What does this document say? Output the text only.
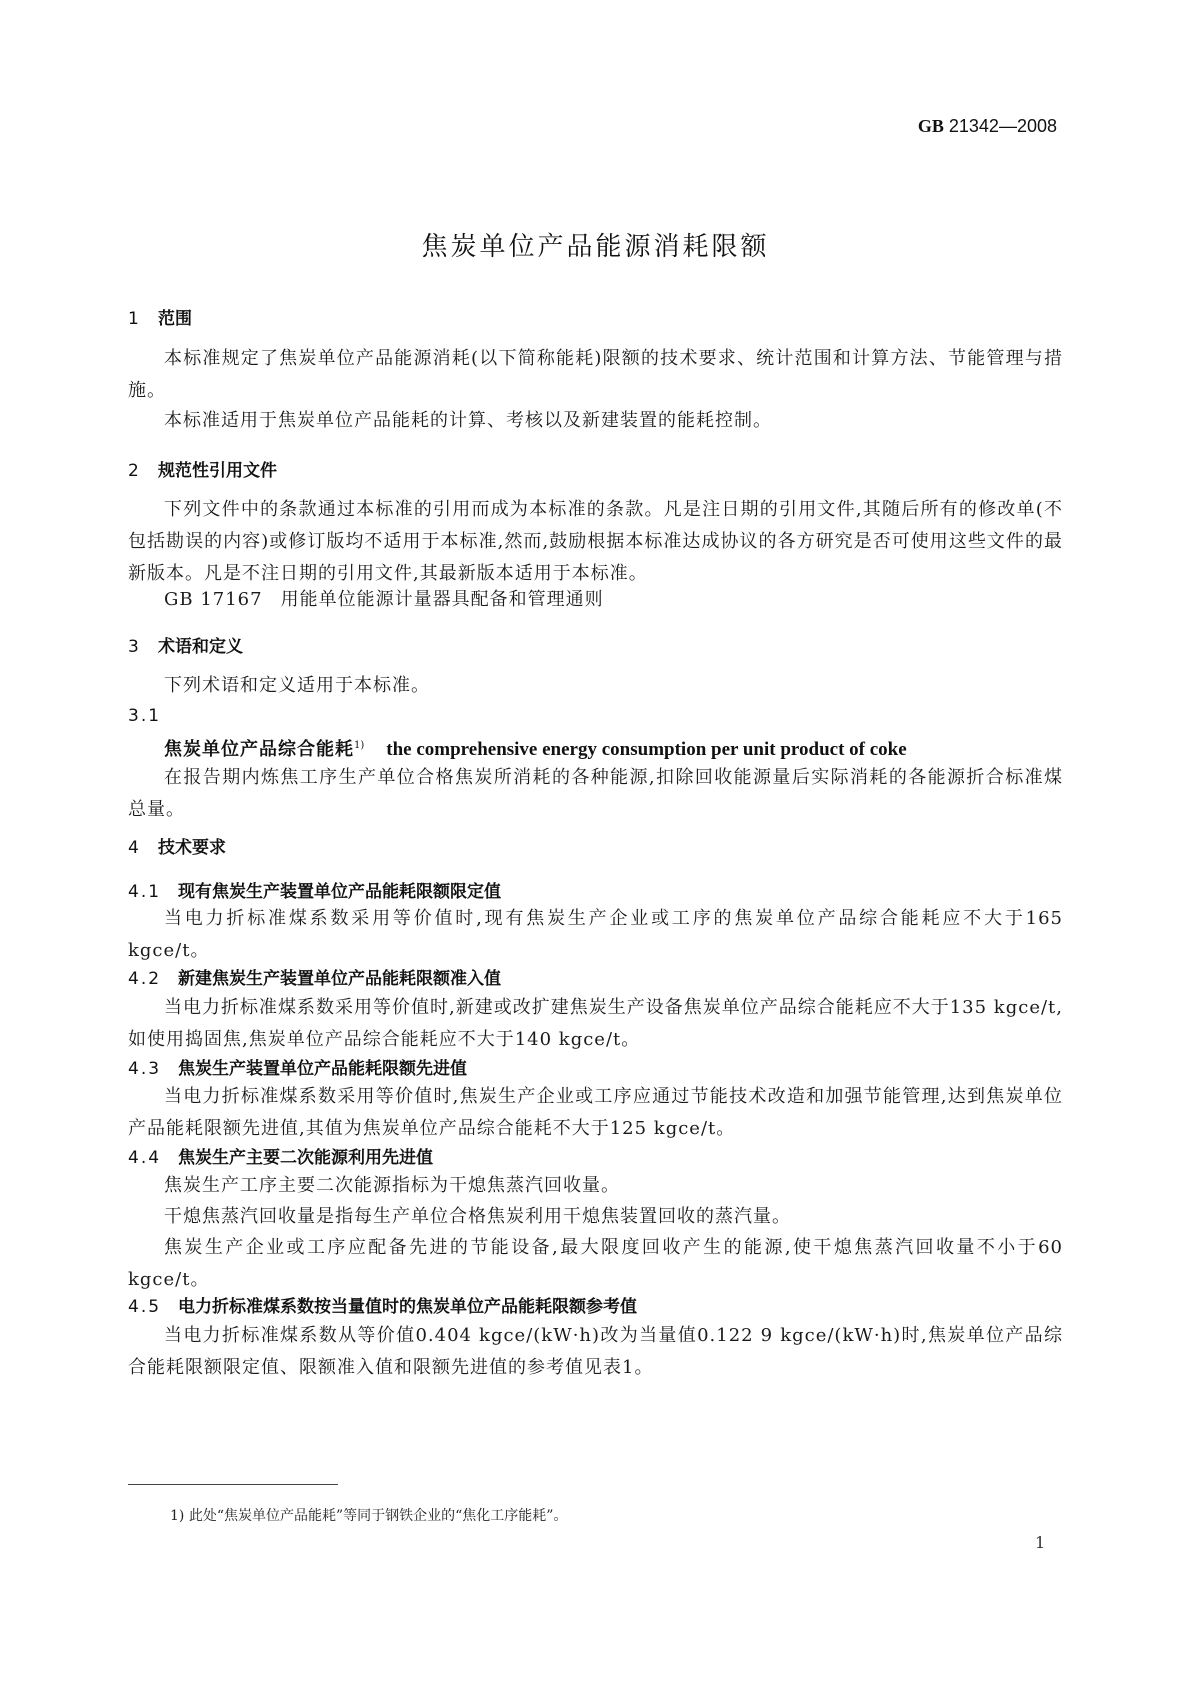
GB 21342—2008
焦炭单位产品能源消耗限额
1 范围
本标准规定了焦炭单位产品能源消耗(以下简称能耗)限额的技术要求、统计范围和计算方法、节能管理与措施。
本标准适用于焦炭单位产品能耗的计算、考核以及新建装置的能耗控制。
2 规范性引用文件
下列文件中的条款通过本标准的引用而成为本标准的条款。凡是注日期的引用文件,其随后所有的修改单(不包括勘误的内容)或修订版均不适用于本标准,然而,鼓励根据本标准达成协议的各方研究是否可使用这些文件的最新版本。凡是不注日期的引用文件,其最新版本适用于本标准。
GB 17167 用能单位能源计量器具配备和管理通则
3 术语和定义
下列术语和定义适用于本标准。
3.1
焦炭单位产品综合能耗$^{1)}$ the comprehensive energy consumption per unit product of coke
在报告期内炼焦工序生产单位合格焦炭所消耗的各种能源,扣除回收能源量后实际消耗的各能源折合标准煤总量。
4 技术要求
4.1 现有焦炭生产装置单位产品能耗限额限定值
当电力折标准煤系数采用等价值时,现有焦炭生产企业或工序的焦炭单位产品综合能耗应不大于165 kgce/t。
4.2 新建焦炭生产装置单位产品能耗限额准入值
当电力折标准煤系数采用等价值时,新建或改扩建焦炭生产设备焦炭单位产品综合能耗应不大于135 kgce/t,如使用捣固焦,焦炭单位产品综合能耗应不大于140 kgce/t。
4.3 焦炭生产装置单位产品能耗限额先进值
当电力折标准煤系数采用等价值时,焦炭生产企业或工序应通过节能技术改造和加强节能管理,达到焦炭单位产品能耗限额先进值,其值为焦炭单位产品综合能耗不大于125 kgce/t。
4.4 焦炭生产主要二次能源利用先进值
焦炭生产工序主要二次能源指标为干熄焦蒸汽回收量。
干熄焦蒸汽回收量是指每生产单位合格焦炭利用干熄焦装置回收的蒸汽量。
焦炭生产企业或工序应配备先进的节能设备,最大限度回收产生的能源,使干熄焦蒸汽回收量不小于60 kgce/t。
4.5 电力折标准煤系数按当量值时的焦炭单位产品能耗限额参考值
当电力折标准煤系数从等价值0.404 kgce/(kW·h)改为当量值0.122 9 kgce/(kW·h)时,焦炭单位产品综合能耗限额限定值、限额准入值和限额先进值的参考值见表1。
1) 此处“焦炭单位产品能耗”等同于钢铁企业的“焦化工序能耗”。
1
